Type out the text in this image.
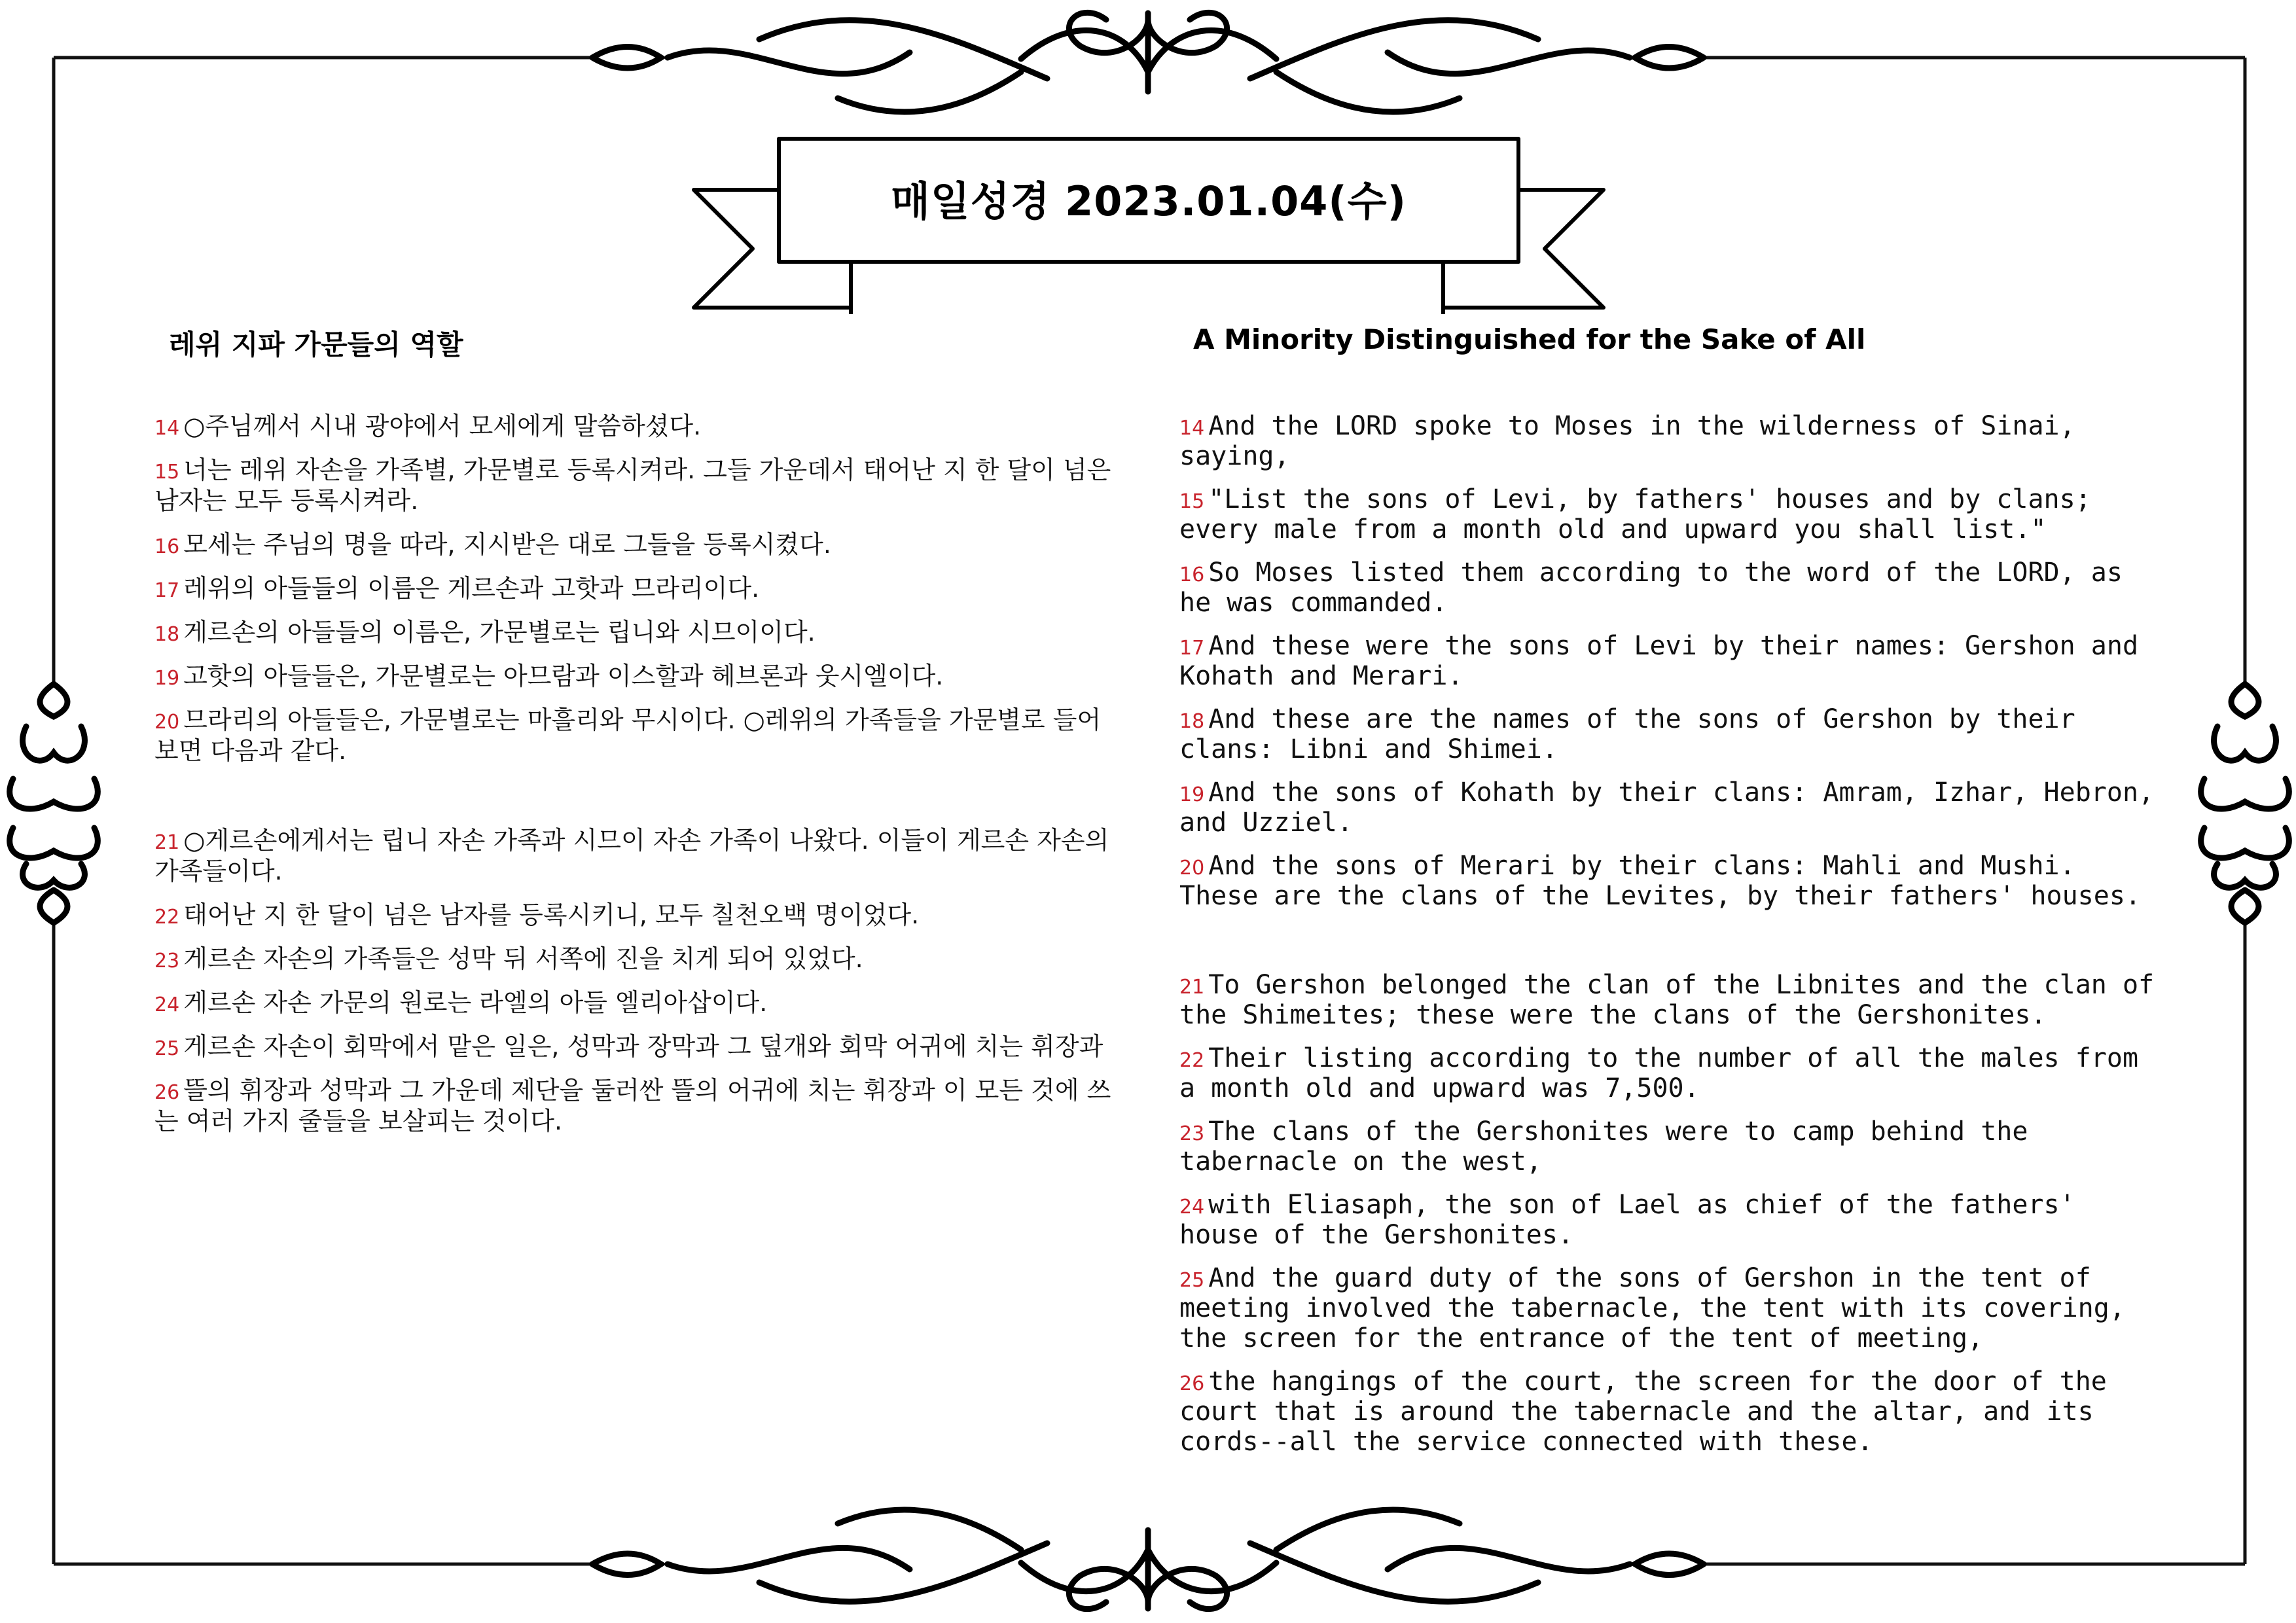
매일성경 2023.01.04(수)
레위 지파 가문들의 역할	A Minority Distinguished for the Sake of All
14 ○주님께서 시내 광야에서 모세에게 말씀하셨다.
15 너는 레위 자손을 가족별, 가문별로 등록시켜라. 그들 가운데서 태어난 지 한 달이 넘은 남자는 모두 등록시켜라.
16 모세는 주님의 명을 따라, 지시받은 대로 그들을 등록시켰다.
17 레위의 아들들의 이름은 게르손과 고핫과 므라리이다.
18 게르손의 아들들의 이름은, 가문별로는 립니와 시므이이다.
19 고핫의 아들들은, 가문별로는 아므람과 이스할과 헤브론과 웃시엘이다.
20 므라리의 아들들은, 가문별로는 마흘리와 무시이다. ○레위의 가족들을 가문별로 들어 보면 다음과 같다.
21 ○게르손에게서는 립니 자손 가족과 시므이 자손 가족이 나왔다. 이들이 게르손 자손의 가족들이다.
22 태어난 지 한 달이 넘은 남자를 등록시키니, 모두 칠천오백 명이었다.
23 게르손 자손의 가족들은 성막 뒤 서쪽에 진을 치게 되어 있었다.
24 게르손 자손 가문의 원로는 라엘의 아들 엘리아삽이다.
25 게르손 자손이 회막에서 맡은 일은, 성막과 장막과 그 덮개와 회막 어귀에 치는 휘장과
26 뜰의 휘장과 성막과 그 가운데 제단을 둘러싼 뜰의 어귀에 치는 휘장과 이 모든 것에 쓰는 여러 가지 줄들을 보살피는 것이다.
14 And the LORD spoke to Moses in the wilderness of Sinai, saying,
15 "List the sons of Levi, by fathers' houses and by clans; every male from a month old and upward you shall list."
16 So Moses listed them according to the word of the LORD, as he was commanded.
17 And these were the sons of Levi by their names: Gershon and Kohath and Merari.
18 And these are the names of the sons of Gershon by their clans: Libni and Shimei.
19 And the sons of Kohath by their clans: Amram, Izhar, Hebron, and Uzziel.
20 And the sons of Merari by their clans: Mahli and Mushi. These are the clans of the Levites, by their fathers' houses.
21 To Gershon belonged the clan of the Libnites and the clan of the Shimeites; these were the clans of the Gershonites.
22 Their listing according to the number of all the males from a month old and upward was 7,500.
23 The clans of the Gershonites were to camp behind the tabernacle on the west,
24 with Eliasaph, the son of Lael as chief of the fathers' house of the Gershonites.
25 And the guard duty of the sons of Gershon in the tent of meeting involved the tabernacle, the tent with its covering, the screen for the entrance of the tent of meeting,
26 the hangings of the court, the screen for the door of the court that is around the tabernacle and the altar, and its cords--all the service connected with these.
